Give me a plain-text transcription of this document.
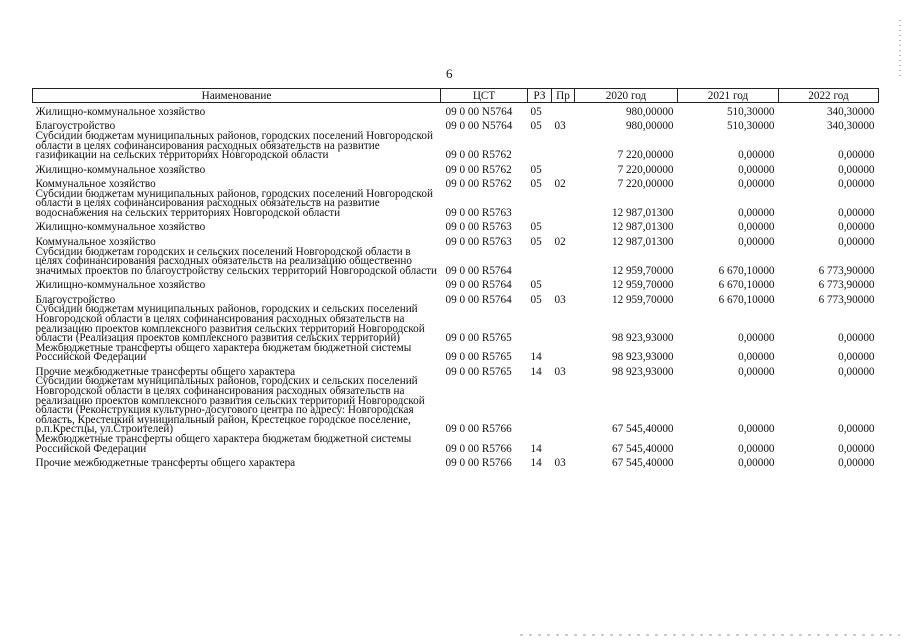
6
Наименование	ЦСТ	РЗ	Пр	2020 год	2021 год	2022 год
Жилищно-коммунальное хозяйство	09 0 00 N5764	05		980,00000	510,30000	340,30000
Благоустройство	09 0 00 N5764	05	03	980,00000	510,30000	340,30000
Субсидии бюджетам муниципальных районов, городских поселений Новгородской области в целях софинансирования расходных обязательств на развитие газификации на сельских территориях Новгородской области	09 0 00 R5762			7 220,00000	0,00000	0,00000
Жилищно-коммунальное хозяйство	09 0 00 R5762	05		7 220,00000	0,00000	0,00000
Коммунальное хозяйство	09 0 00 R5762	05	02	7 220,00000	0,00000	0,00000
Субсидии бюджетам муниципальных районов, городских поселений Новгородской области в целях софинансирования расходных обязательств на развитие водоснабжения на сельских территориях Новгородской области	09 0 00 R5763			12 987,01300	0,00000	0,00000
Жилищно-коммунальное хозяйство	09 0 00 R5763	05		12 987,01300	0,00000	0,00000
Коммунальное хозяйство	09 0 00 R5763	05	02	12 987,01300	0,00000	0,00000
Субсидии бюджетам городских и сельских поселений Новгородской области в целях софинансирования расходных обязательств на реализацию общественно значимых проектов по благоустройству сельских территорий Новгородской области	09 0 00 R5764			12 959,70000	6 670,10000	6 773,90000
Жилищно-коммунальное хозяйство	09 0 00 R5764	05		12 959,70000	6 670,10000	6 773,90000
Благоустройство	09 0 00 R5764	05	03	12 959,70000	6 670,10000	6 773,90000
Субсидии бюджетам муниципальных районов, городских и сельских поселений Новгородской области в целях софинансирования расходных обязательств на реализацию проектов комплексного развития сельских территорий Новгородской области (Реализация проектов комплексного развития сельских территорий)	09 0 00 R5765			98 923,93000	0,00000	0,00000
Межбюджетные трансферты общего характера бюджетам бюджетной системы Российской Федерации	09 0 00 R5765	14		98 923,93000	0,00000	0,00000
Прочие межбюджетные трансферты общего характера	09 0 00 R5765	14	03	98 923,93000	0,00000	0,00000
Субсидии бюджетам муниципальных районов, городских и сельских поселений Новгородской области в целях софинансирования расходных обязательств на реализацию проектов комплексного развития сельских территорий Новгородской области (Реконструкция культурно-досугового центра по адресу: Новгородская область, Крестецкий муниципальный район, Крестецкое городское поселение, р.п.Крестцы, ул.Строителей)	09 0 00 R5766			67 545,40000	0,00000	0,00000
Межбюджетные трансферты общего характера бюджетам бюджетной системы Российской Федерации	09 0 00 R5766	14		67 545,40000	0,00000	0,00000
Прочие межбюджетные трансферты общего характера	09 0 00 R5766	14	03	67 545,40000	0,00000	0,00000
